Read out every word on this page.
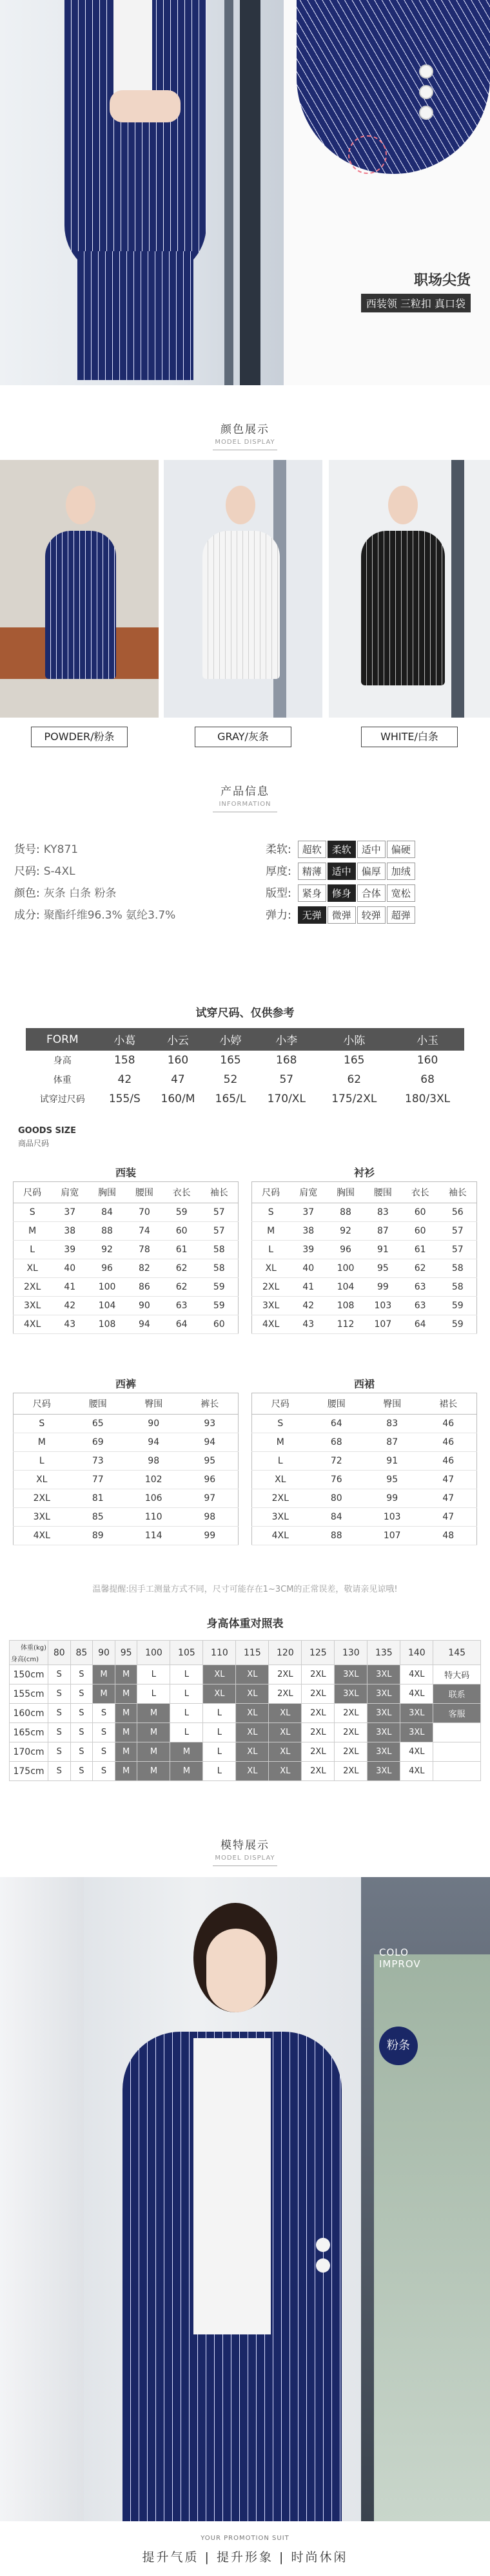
职场尖货
西装领 三粒扣 真口袋
颜色展示
MODEL DISPLAY
POWDER/粉条	GRAY/灰条	WHITE/白条
产品信息
INFORMATION
试穿尺码、仅供参考
FORM	小葛	小云	小婷	小李	小陈	小玉
身高	158	160	165	168	165	160
体重	42	47	52	57	62	68
试穿过尺码	155/S	160/M	165/L	170/XL	175/2XL	180/3XL
GOODS SIZE
商品尺码
西装
尺码	肩宽	胸围	腰围	衣长	袖长
S	37	84	70	59	57
M	38	88	74	60	57
L	39	92	78	61	58
XL	40	96	82	62	58
2XL	41	100	86	62	59
3XL	42	104	90	63	59
4XL	43	108	94	64	60
衬衫
尺码	肩宽	胸围	腰围	衣长	袖长
S	37	88	83	60	56
M	38	92	87	60	57
L	39	96	91	61	57
XL	40	100	95	62	58
2XL	41	104	99	63	58
3XL	42	108	103	63	59
4XL	43	112	107	64	59
西裤
尺码	腰围	臀围	裤长
S	65	90	93
M	69	94	94
L	73	98	95
XL	77	102	96
2XL	81	106	97
3XL	85	110	98
4XL	89	114	99
西裙
尺码	腰围	臀围	裙长
S	64	83	46
M	68	87	46
L	72	91	46
XL	76	95	47
2XL	80	99	47
3XL	84	103	47
4XL	88	107	48
温馨提醒:因手工测量方式不同，尺寸可能存在1~3CM的正常误差，敬请亲见谅哦!
身高体重对照表
体重(kg)
身高(cm)	80	85	90	95	100	105	110	115	120	125	130	135	140	145
150cm	S	S	M	M	L	L	XL	XL	2XL	2XL	3XL	3XL	4XL	特大码
155cm	S	S	M	M	L	L	XL	XL	2XL	2XL	3XL	3XL	4XL	联系
160cm	S	S	S	M	M	L	L	XL	XL	2XL	2XL	3XL	3XL	客服
165cm	S	S	S	M	M	L	L	XL	XL	2XL	2XL	3XL	3XL	
170cm	S	S	S	M	M	M	L	XL	XL	2XL	2XL	3XL	4XL	
175cm	S	S	S	M	M	M	L	XL	XL	2XL	2XL	3XL	4XL	
模特展示
MODEL DISPLAY
COLO
IMPROV
粉条
YOUR PROMOTION SUIT
提升气质 | 提升形象 | 时尚休闲
货号: KY871
尺码: S-4XL
颜色: 灰条 白条 粉条
成分: 聚酯纤维96.3% 氨纶3.7%
柔软: 超软 柔软 适中 偏硬
厚度: 精薄 适中 偏厚 加绒
版型: 紧身 修身 合体 宽松
弹力: 无弹 微弹 较弹 超弹
